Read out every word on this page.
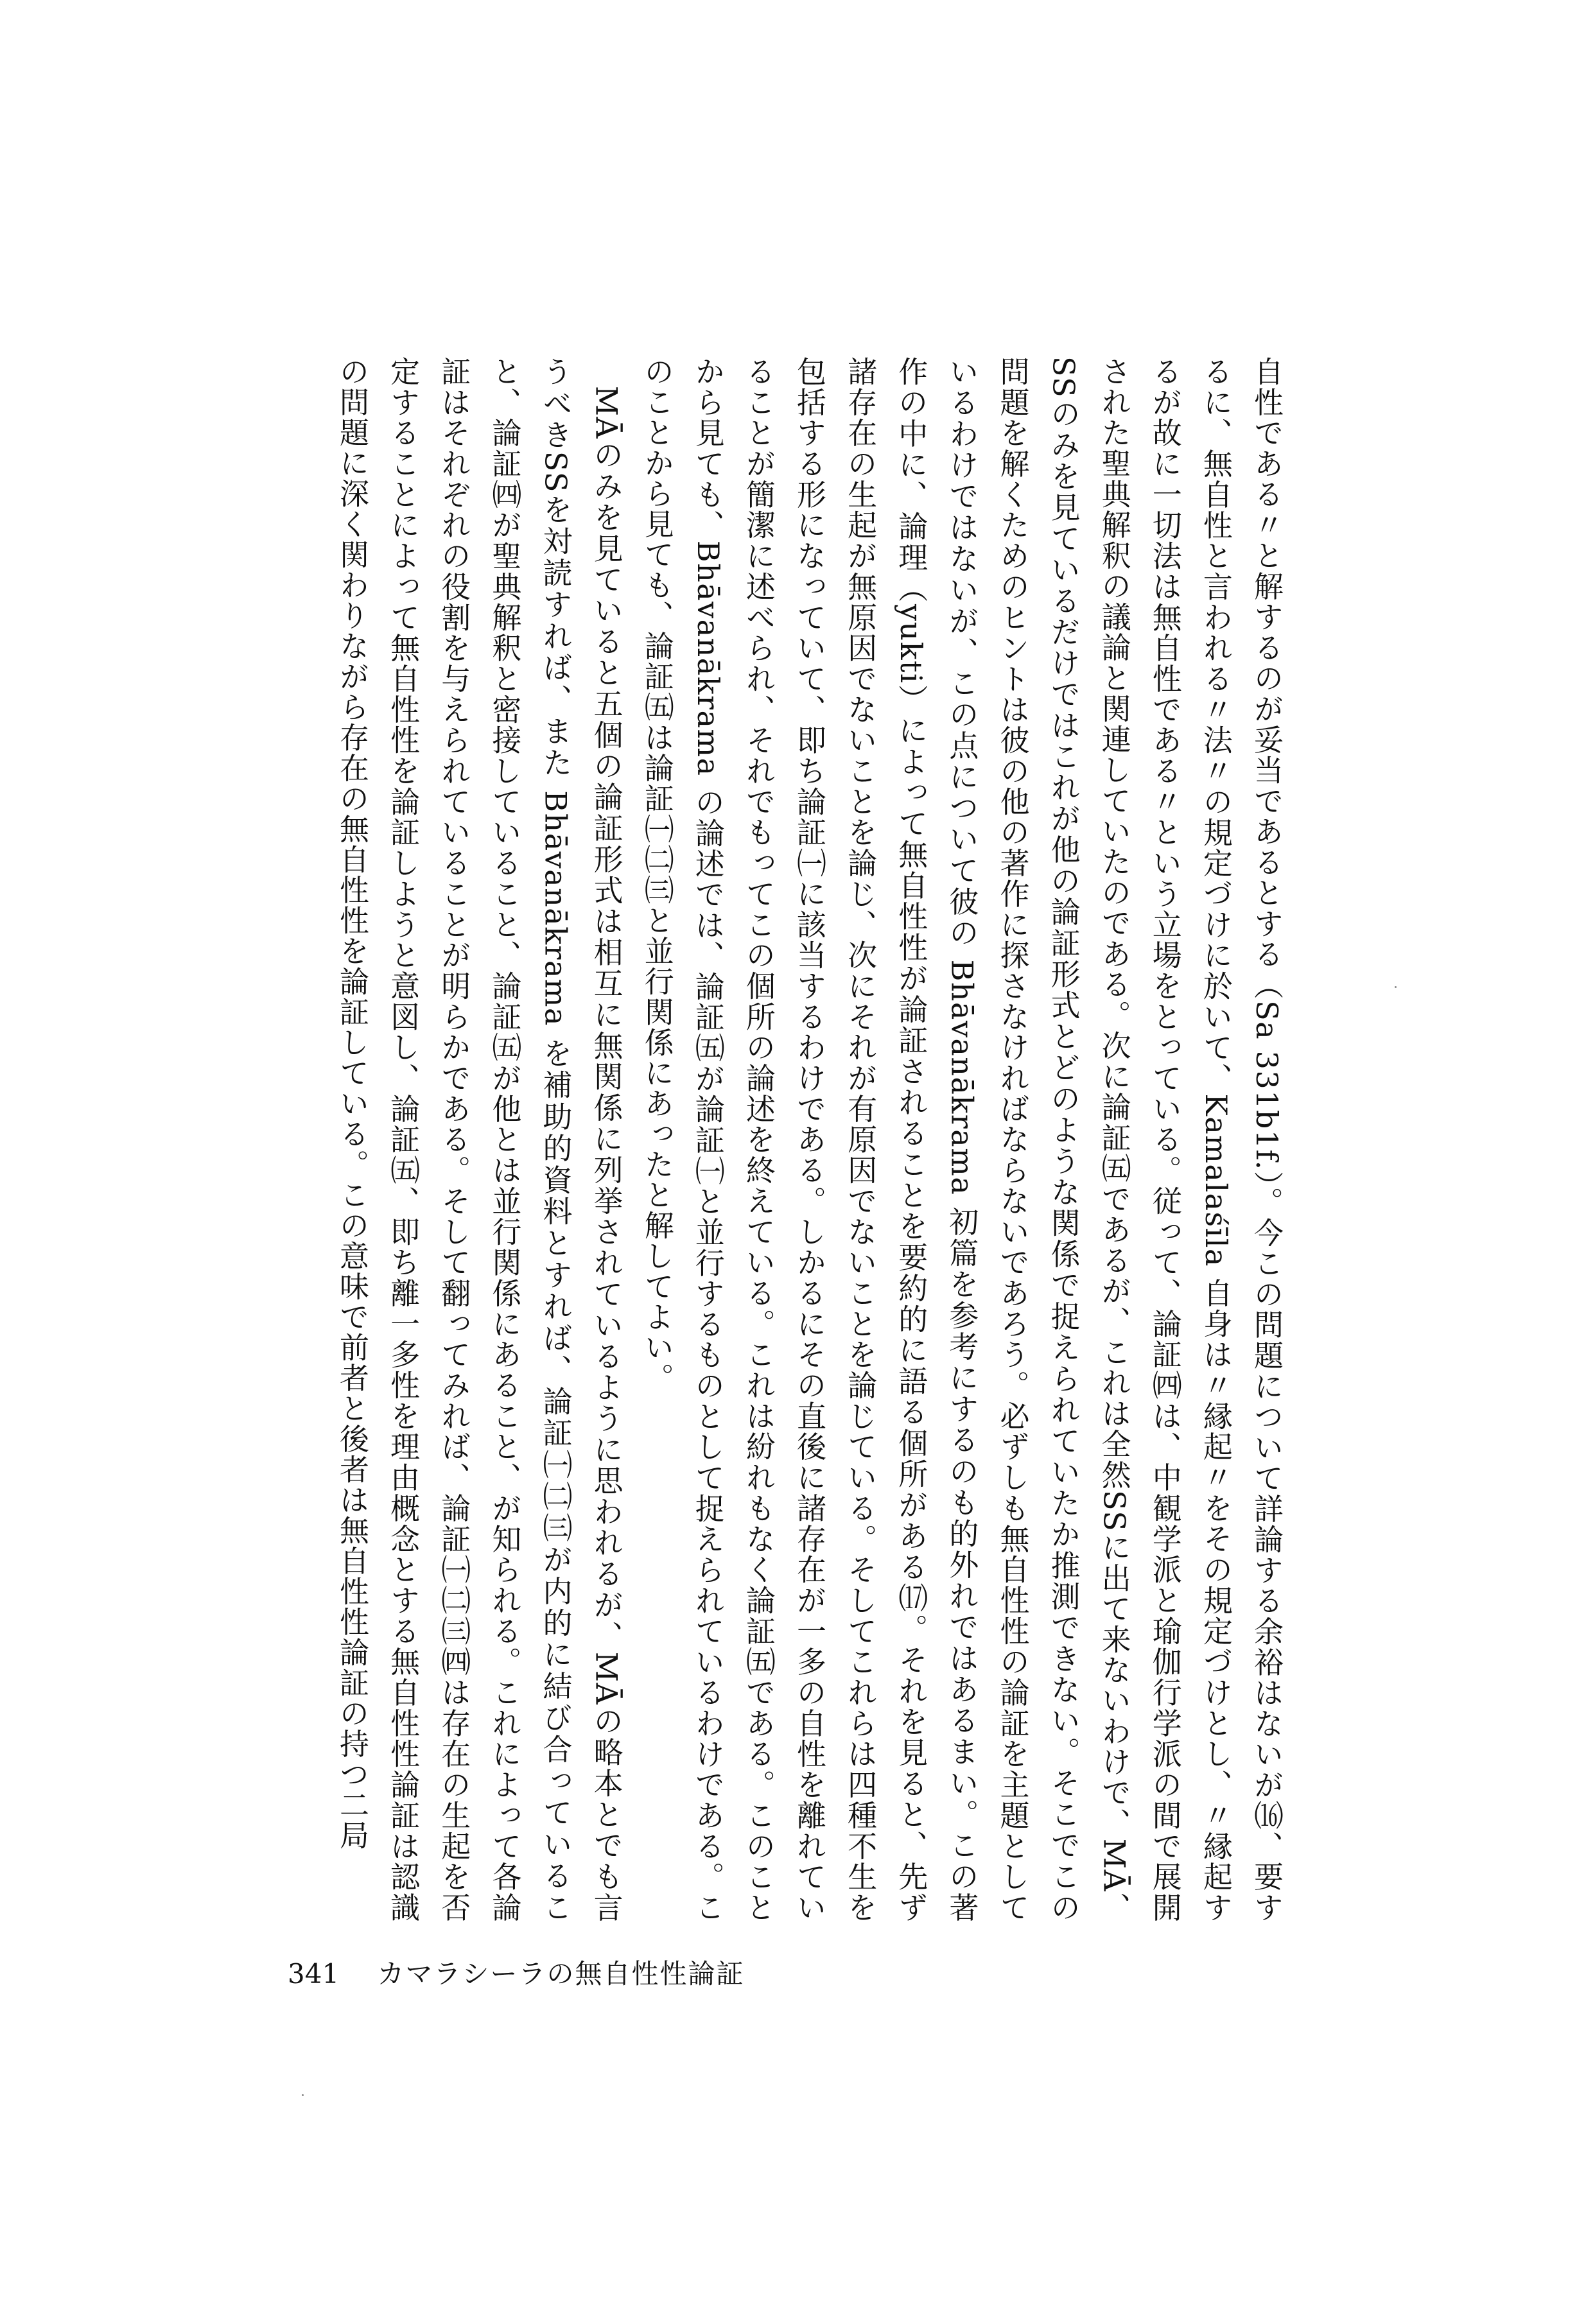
自性である〃と解するのが妥当であるとする（Sa 331b1f.）。今この問題について詳論する余裕はないが⒃、要するに、無自性と言われる〃法〃の規定づけに於いて、Kamalaśīla 自身は〃縁起〃をその規定づけとし、〃縁起するが故に一切法は無自性である〃という立場をとっている。従って、論証㈣は、中観学派と瑜伽行学派の間で展開された聖典解釈の議論と関連していたのである。次に論証㈤であるが、これは全然SSに出て来ないわけで、MĀ、SSのみを見ているだけではこれが他の論証形式とどのような関係で捉えられていたか推測できない。そこでこの問題を解くためのヒントは彼の他の著作に探さなければならないであろう。必ずしも無自性性の論証を主題としているわけではないが、この点について彼の Bhāvanākrama 初篇を参考にするのも的外れではあるまい。この著作の中に、論理（yukti）によって無自性性が論証されることを要約的に語る個所がある⒄。それを見ると、先ず諸存在の生起が無原因でないことを論じ、次にそれが有原因でないことを論じている。そしてこれらは四種不生を包括する形になっていて、即ち論証㈠に該当するわけである。しかるにその直後に諸存在が一多の自性を離れていることが簡潔に述べられ、それでもってこの個所の論述を終えている。これは紛れもなく論証㈤である。このことから見ても、Bhāvanākrama の論述では、論証㈤が論証㈠と並行するものとして捉えられているわけである。このことから見ても、論証㈤は論証㈠㈡㈢と並行関係にあったと解してよい。

MĀのみを見ていると五個の論証形式は相互に無関係に列挙されているように思われるが、MĀの略本とでも言うべきSSを対読すれば、また Bhāvanākrama を補助的資料とすれば、論証㈠㈡㈢が内的に結び合っていること、論証㈣が聖典解釈と密接していること、論証㈤が他とは並行関係にあること、が知られる。これによって各論証はそれぞれの役割を与えられていることが明らかである。そして翻ってみれば、論証㈠㈡㈢㈣は存在の生起を否定することによって無自性性を論証しようと意図し、論証㈤、即ち離一多性を理由概念とする無自性性論証は認識の問題に深く関わりながら存在の無自性性を論証している。この意味で前者と後者は無自性性論証の持つ二局

341 カマラシーラの無自性性論証
